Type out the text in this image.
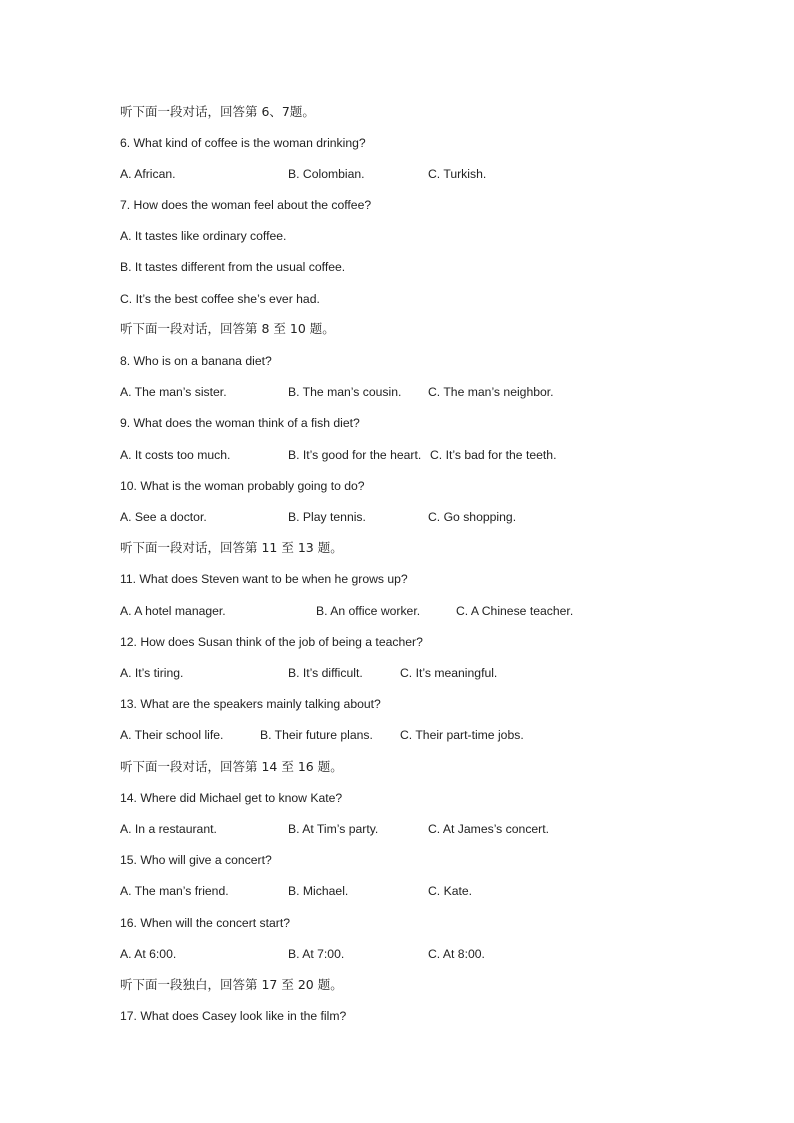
听下面一段对话，回答第 6、7题。
6. What kind of coffee is the woman drinking?
A. African.	B. Colombian.	C. Turkish.
7. How does the woman feel about the coffee?
A. It tastes like ordinary coffee.
B. It tastes different from the usual coffee.
C. It’s the best coffee she’s ever had.
听下面一段对话，回答第 8 至 10 题。
8. Who is on a banana diet?
A. The man’s sister.	B. The man’s cousin. C. The man’s neighbor.
9. What does the woman think of a fish diet?
A. It costs too much.	B. It’s good for the heart. C. It’s bad for the teeth.
10. What is the woman probably going to do?
A. See a doctor.	B. Play tennis.	C. Go shopping.
听下面一段对话，回答第 11 至 13 题。
11. What does Steven want to be when he grows up?
A. A hotel manager.	B. An office worker.	C. A Chinese teacher.
12. How does Susan think of the job of being a teacher?
A. It’s tiring.	B. It’s difficult.	C. It’s meaningful.
13. What are the speakers mainly talking about?
A. Their school life.	B. Their future plans. C. Their part-time jobs.
听下面一段对话，回答第 14 至 16 题。
14. Where did Michael get to know Kate?
A. In a restaurant.	B. At Tim’s party.	C. At James’s concert.
15. Who will give a concert?
A. The man’s friend.	B. Michael.	C. Kate.
16. When will the concert start?
A. At 6:00.	B. At 7:00.	C. At 8:00.
听下面一段独白，回答第 17 至 20 题。
17. What does Casey look like in the film?
